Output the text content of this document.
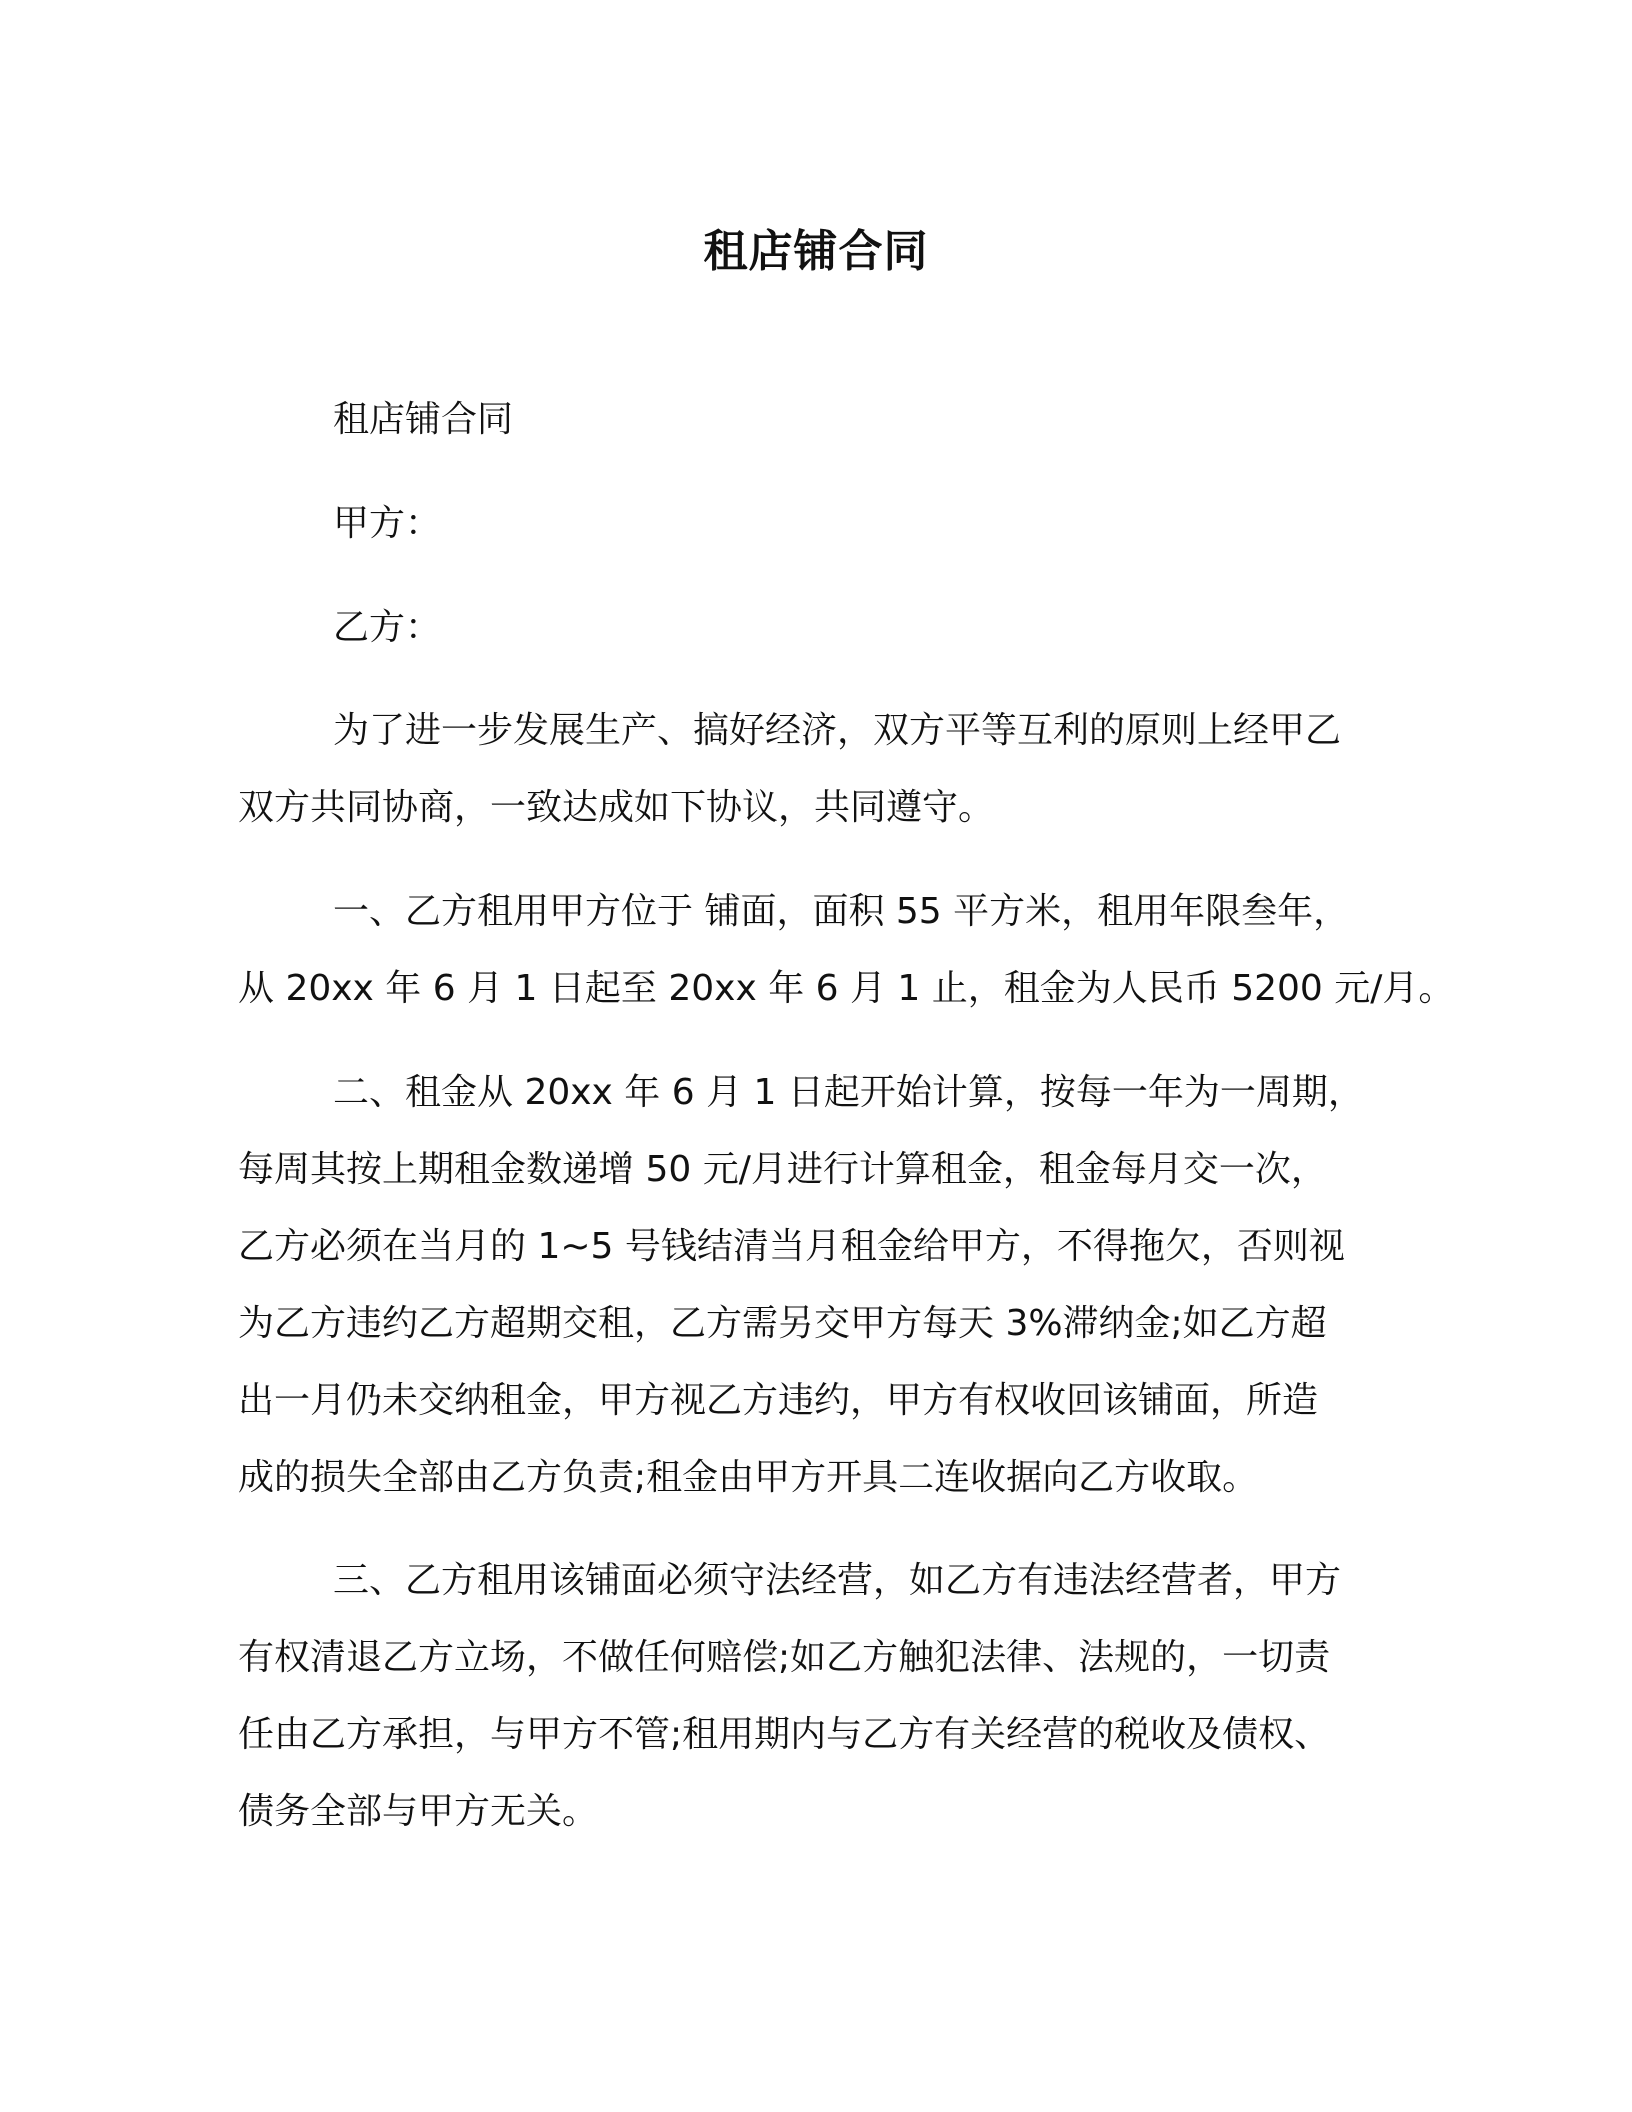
租店铺合同
租店铺合同
甲方：
乙方：
为了进一步发展生产、搞好经济，双方平等互利的原则上经甲乙
双方共同协商，一致达成如下协议，共同遵守。
一、乙方租用甲方位于 铺面，面积 55 平方米，租用年限叁年，
从 20xx 年 6 月 1 日起至 20xx 年 6 月 1 止，租金为人民币 5200 元/月。
二、租金从 20xx 年 6 月 1 日起开始计算，按每一年为一周期，
每周其按上期租金数递增 50 元/月进行计算租金，租金每月交一次，
乙方必须在当月的 1~5 号钱结清当月租金给甲方，不得拖欠，否则视
为乙方违约乙方超期交租，乙方需另交甲方每天 3%滞纳金;如乙方超
出一月仍未交纳租金，甲方视乙方违约，甲方有权收回该铺面，所造
成的损失全部由乙方负责;租金由甲方开具二连收据向乙方收取。
三、乙方租用该铺面必须守法经营，如乙方有违法经营者，甲方
有权清退乙方立场，不做任何赔偿;如乙方触犯法律、法规的，一切责
任由乙方承担，与甲方不管;租用期内与乙方有关经营的税收及债权、
债务全部与甲方无关。
